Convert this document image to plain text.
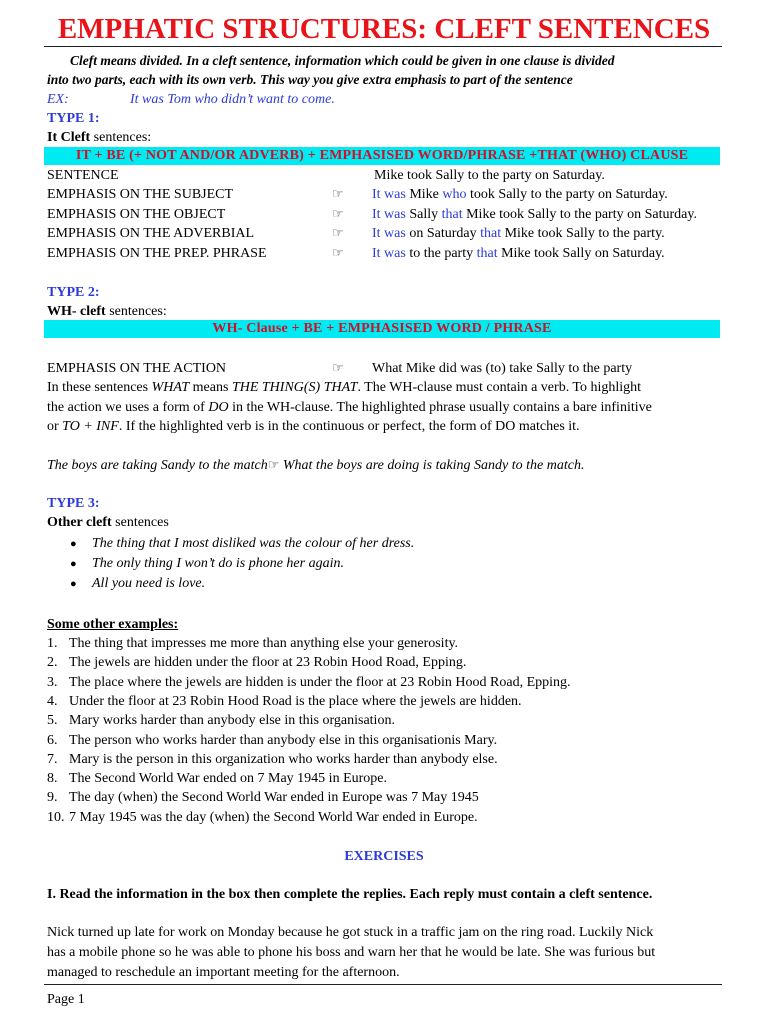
EMPHATIC STRUCTURES: CLEFT SENTENCES
Cleft means divided. In a cleft sentence, information which could be given in one clause is divided
into two parts, each with its own verb. This way you give extra emphasis to part of the sentence
EX:	It was Tom who didn’t want to come.
TYPE 1:
It Cleft sentences:
IT + BE (+ NOT AND/OR ADVERB) + EMPHASISED WORD/PHRASE +THAT (WHO) CLAUSE
SENTENCE	Mike took Sally to the party on Saturday.
EMPHASIS ON THE SUBJECT	☞ It was Mike who took Sally to the party on Saturday.
EMPHASIS ON THE OBJECT	☞ It was Sally that Mike took Sally to the party on Saturday.
EMPHASIS ON THE ADVERBIAL	☞ It was on Saturday that Mike took Sally to the party.
EMPHASIS ON THE PREP. PHRASE	☞ It was to the party that Mike took Sally on Saturday.
TYPE 2:
WH- cleft sentences:
WH- Clause + BE + EMPHASISED WORD / PHRASE
EMPHASIS ON THE ACTION	☞ What Mike did was (to) take Sally to the party
In these sentences WHAT means THE THING(S) THAT. The WH-clause must contain a verb. To highlight
the action we uses a form of DO in the WH-clause. The highlighted phrase usually contains a bare infinitive
or TO + INF. If the highlighted verb is in the continuous or perfect, the form of DO matches it.
The boys are taking Sandy to the match☞ What the boys are doing is taking Sandy to the match.
TYPE 3:
Other cleft sentences
● The thing that I most disliked was the colour of her dress.
● The only thing I won’t do is phone her again.
● All you need is love.
Some other examples:
1. The thing that impresses me more than anything else your generosity.
2. The jewels are hidden under the floor at 23 Robin Hood Road, Epping.
3. The place where the jewels are hidden is under the floor at 23 Robin Hood Road, Epping.
4. Under the floor at 23 Robin Hood Road is the place where the jewels are hidden.
5. Mary works harder than anybody else in this organisation.
6. The person who works harder than anybody else in this organisationis Mary.
7. Mary is the person in this organization who works harder than anybody else.
8. The Second World War ended on 7 May 1945 in Europe.
9. The day (when) the Second World War ended in Europe was 7 May 1945
10. 7 May 1945 was the day (when) the Second World War ended in Europe.
EXERCISES
I. Read the information in the box then complete the replies. Each reply must contain a cleft sentence.
Nick turned up late for work on Monday because he got stuck in a traffic jam on the ring road. Luckily Nick
has a mobile phone so he was able to phone his boss and warn her that he would be late. She was furious but
managed to reschedule an important meeting for the afternoon.
Page 1
